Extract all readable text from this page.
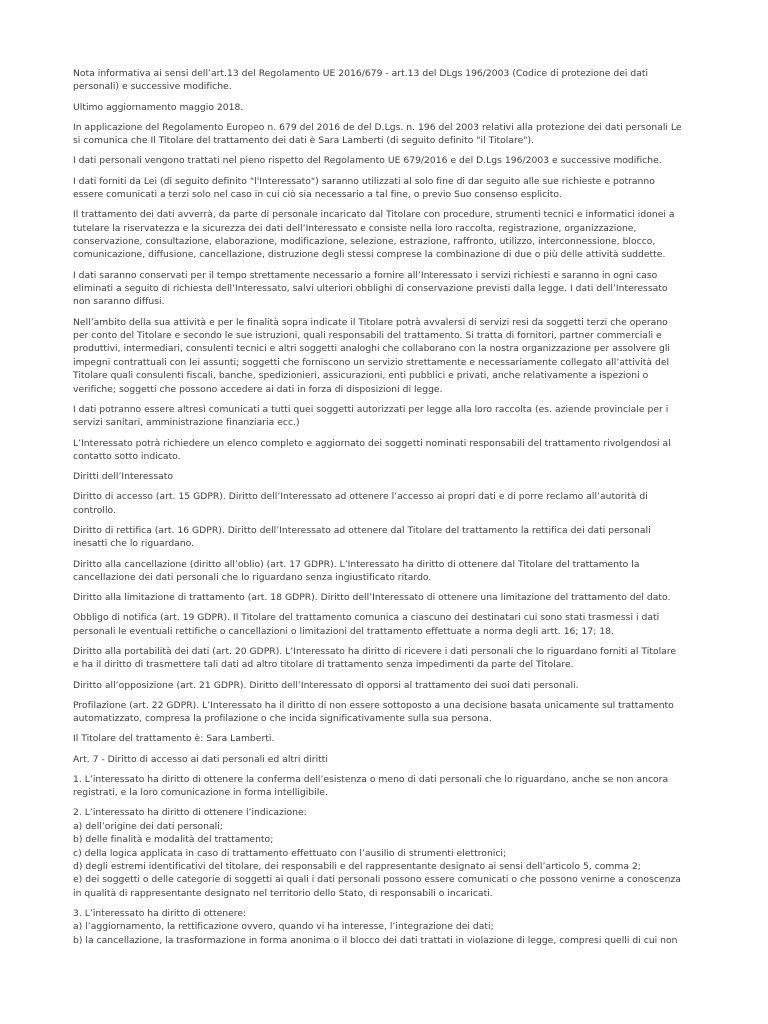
Nota informativa ai sensi dell’art.13 del Regolamento UE 2016/679 - art.13 del DLgs 196/2003 (Codice di protezione dei dati
personali) e successive modifiche.

Ultimo aggiornamento maggio 2018.

In applicazione del Regolamento Europeo n. 679 del 2016 de del D.Lgs. n. 196 del 2003 relativi alla protezione dei dati personali Le
si comunica che Il Titolare del trattamento dei dati è Sara Lamberti (di seguito definito "il Titolare").

I dati personali vengono trattati nel pieno rispetto del Regolamento UE 679/2016 e del D.Lgs 196/2003 e successive modifiche.

I dati forniti da Lei (di seguito definito "l'Interessato") saranno utilizzati al solo fine di dar seguito alle sue richieste e potranno
essere comunicati a terzi solo nel caso in cui ciò sia necessario a tal fine, o previo Suo consenso esplicito.

Il trattamento dei dati avverrà, da parte di personale incaricato dal Titolare con procedure, strumenti tecnici e informatici idonei a
tutelare la riservatezza e la sicurezza dei dati dell’Interessato e consiste nella loro raccolta, registrazione, organizzazione,
conservazione, consultazione, elaborazione, modificazione, selezione, estrazione, raffronto, utilizzo, interconnessione, blocco,
comunicazione, diffusione, cancellazione, distruzione degli stessi comprese la combinazione di due o più delle attività suddette.

I dati saranno conservati per il tempo strettamente necessario a fornire all’Interessato i servizi richiesti e saranno in ogni caso
eliminati a seguito di richiesta dell’Interessato, salvi ulteriori obblighi di conservazione previsti dalla legge. I dati dell’Interessato
non saranno diffusi.

Nell’ambito della sua attività e per le finalità sopra indicate il Titolare potrà avvalersi di servizi resi da soggetti terzi che operano
per conto del Titolare e secondo le sue istruzioni, quali responsabili del trattamento. Si tratta di fornitori, partner commerciali e
produttivi, intermediari, consulenti tecnici e altri soggetti analoghi che collaborano con la nostra organizzazione per assolvere gli
impegni contrattuali con lei assunti; soggetti che forniscono un servizio strettamente e necessariamente collegato all’attività del
Titolare quali consulenti fiscali, banche, spedizionieri, assicurazioni, enti pubblici e privati, anche relativamente a ispezioni o
verifiche; soggetti che possono accedere ai dati in forza di disposizioni di legge.

I dati potranno essere altresì comunicati a tutti quei soggetti autorizzati per legge alla loro raccolta (es. aziende provinciale per i
servizi sanitari, amministrazione finanziaria ecc.)

L’Interessato potrà richiedere un elenco completo e aggiornato dei soggetti nominati responsabili del trattamento rivolgendosi al
contatto sotto indicato.

Diritti dell’Interessato

Diritto di accesso (art. 15 GDPR). Diritto dell’Interessato ad ottenere l’accesso ai propri dati e di porre reclamo all’autorità di
controllo.

Diritto di rettifica (art. 16 GDPR). Diritto dell’Interessato ad ottenere dal Titolare del trattamento la rettifica dei dati personali
inesatti che lo riguardano.

Diritto alla cancellazione (diritto all’oblio) (art. 17 GDPR). L’Interessato ha diritto di ottenere dal Titolare del trattamento la
cancellazione dei dati personali che lo riguardano senza ingiustificato ritardo.

Diritto alla limitazione di trattamento (art. 18 GDPR). Diritto dell’Interessato di ottenere una limitazione del trattamento del dato.

Obbligo di notifica (art. 19 GDPR). Il Titolare del trattamento comunica a ciascuno dei destinatari cui sono stati trasmessi i dati
personali le eventuali rettifiche o cancellazioni o limitazioni del trattamento effettuate a norma degli artt. 16; 17; 18.

Diritto alla portabilità dei dati (art. 20 GDPR). L’Interessato ha diritto di ricevere i dati personali che lo riguardano forniti al Titolare
e ha il diritto di trasmettere tali dati ad altro titolare di trattamento senza impedimenti da parte del Titolare.

Diritto all’opposizione (art. 21 GDPR). Diritto dell’Interessato di opporsi al trattamento dei suoi dati personali.

Profilazione (art. 22 GDPR). L’Interessato ha il diritto di non essere sottoposto a una decisione basata unicamente sul trattamento
automatizzato, compresa la profilazione o che incida significativamente sulla sua persona.

Il Titolare del trattamento è: Sara Lamberti.

Art. 7 - Diritto di accesso ai dati personali ed altri diritti

1. L’interessato ha diritto di ottenere la conferma dell’esistenza o meno di dati personali che lo riguardano, anche se non ancora
registrati, e la loro comunicazione in forma intelligibile.

2. L’interessato ha diritto di ottenere l’indicazione:
a) dell’origine dei dati personali;
b) delle finalità e modalità del trattamento;
c) della logica applicata in caso di trattamento effettuato con l’ausilio di strumenti elettronici;
d) degli estremi identificativi del titolare, dei responsabili e del rappresentante designato ai sensi dell’articolo 5, comma 2;
e) dei soggetti o delle categorie di soggetti ai quali i dati personali possono essere comunicati o che possono venirne a conoscenza
in qualità di rappresentante designato nel territorio dello Stato, di responsabili o incaricati.

3. L’interessato ha diritto di ottenere:
a) l’aggiornamento, la rettificazione ovvero, quando vi ha interesse, l’integrazione dei dati;
b) la cancellazione, la trasformazione in forma anonima o il blocco dei dati trattati in violazione di legge, compresi quelli di cui non
